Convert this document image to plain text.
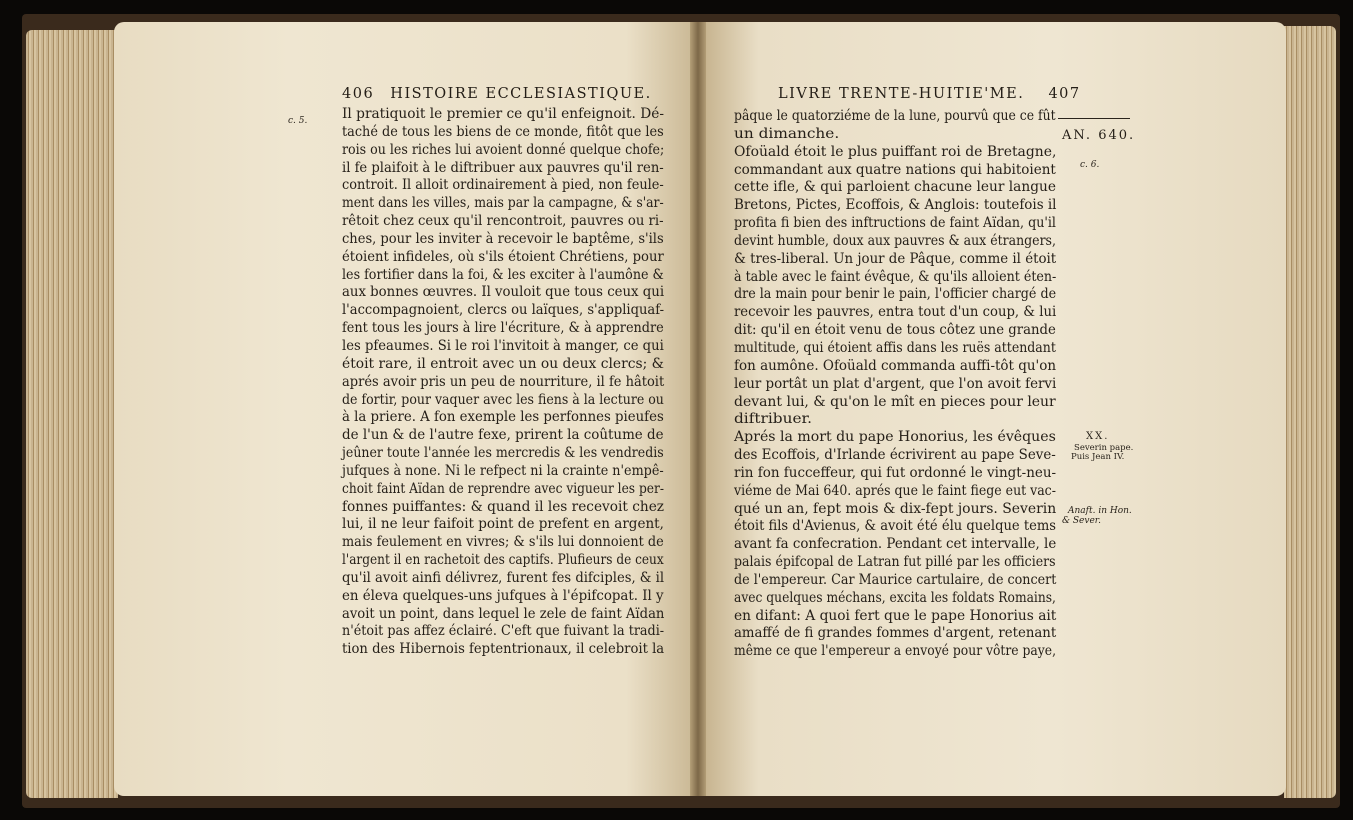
406 HISTOIRE ECCLESIASTIQUE.
c. 5. Il pratiquoit le premier ce qu'il enfeignoit. Dé-
taché de tous les biens de ce monde, fitôt que les
rois ou les riches lui avoient donné quelque chofe;
il fe plaifoit à le diftribuer aux pauvres qu'il ren-
controit. Il alloit ordinairement à pied, non feule-
ment dans les villes, mais par la campagne, & s'ar-
rêtoit chez ceux qu'il rencontroit, pauvres ou ri-
ches, pour les inviter à recevoir le baptême, s'ils
étoient infideles, où s'ils étoient Chrétiens, pour
les fortifier dans la foi, & les exciter à l'aumône &
aux bonnes œuvres. Il vouloit que tous ceux qui
l'accompagnoient, clercs ou laïques, s'appliquaf-
fent tous les jours à lire l'écriture, & à apprendre
les pfeaumes. Si le roi l'invitoit à manger, ce qui
étoit rare, il entroit avec un ou deux clercs; &
aprés avoir pris un peu de nourriture, il fe hâtoit
de fortir, pour vaquer avec les fiens à la lecture ou
à la priere. A fon exemple les perfonnes pieufes
de l'un & de l'autre fexe, prirent la coûtume de
jeûner toute l'année les mercredis & les vendredis
jufques à none. Ni le refpect ni la crainte n'empê-
choit faint Aïdan de reprendre avec vigueur les per-
fonnes puiffantes: & quand il les recevoit chez
lui, il ne leur faifoit point de prefent en argent,
mais feulement en vivres; & s'ils lui donnoient de
l'argent il en rachetoit des captifs. Plufieurs de ceux
qu'il avoit ainfi délivrez, furent fes difciples, & il
en éleva quelques-uns jufques à l'épifcopat. Il y
avoit un point, dans lequel le zele de faint Aïdan
n'étoit pas affez éclairé. C'eft que fuivant la tradi-
tion des Hibernois feptentrionaux, il celebroit la
LIVRE TRENTE-HUITIE'ME. 407
AN. 640.
c. 6.
XX.
Severin pape.
Puis Jean IV.
Anaft. in Hon.
& Sever.
pâque le quatorziéme de la lune, pourvû que ce fût
un dimanche.
Ofoüald étoit le plus puiffant roi de Bretagne,
commandant aux quatre nations qui habitoient
cette ifle, & qui parloient chacune leur langue
Bretons, Pictes, Ecoffois, & Anglois: toutefois il
profita fi bien des inftructions de faint Aïdan, qu'il
devint humble, doux aux pauvres & aux étrangers,
& tres-liberal. Un jour de Pâque, comme il étoit
à table avec le faint évêque, & qu'ils alloient éten-
dre la main pour benir le pain, l'officier chargé de
recevoir les pauvres, entra tout d'un coup, & lui
dit: qu'il en étoit venu de tous côtez une grande
multitude, qui étoient affis dans les ruës attendant
fon aumône. Ofoüald commanda auffi-tôt qu'on
leur portât un plat d'argent, que l'on avoit fervi
devant lui, & qu'on le mît en pieces pour leur
diftribuer.
Aprés la mort du pape Honorius, les évêques
des Ecoffois, d'Irlande écrivirent au pape Seve-
rin fon fucceffeur, qui fut ordonné le vingt-neu-
viéme de Mai 640. aprés que le faint fiege eut vac-
qué un an, fept mois & dix-fept jours. Severin
étoit fils d'Avienus, & avoit été élu quelque tems
avant fa confecration. Pendant cet intervalle, le
palais épifcopal de Latran fut pillé par les officiers
de l'empereur. Car Maurice cartulaire, de concert
avec quelques méchans, excita les foldats Romains,
en difant: A quoi fert que le pape Honorius ait
amaffé de fi grandes fommes d'argent, retenant
même ce que l'empereur a envoyé pour vôtre paye,
